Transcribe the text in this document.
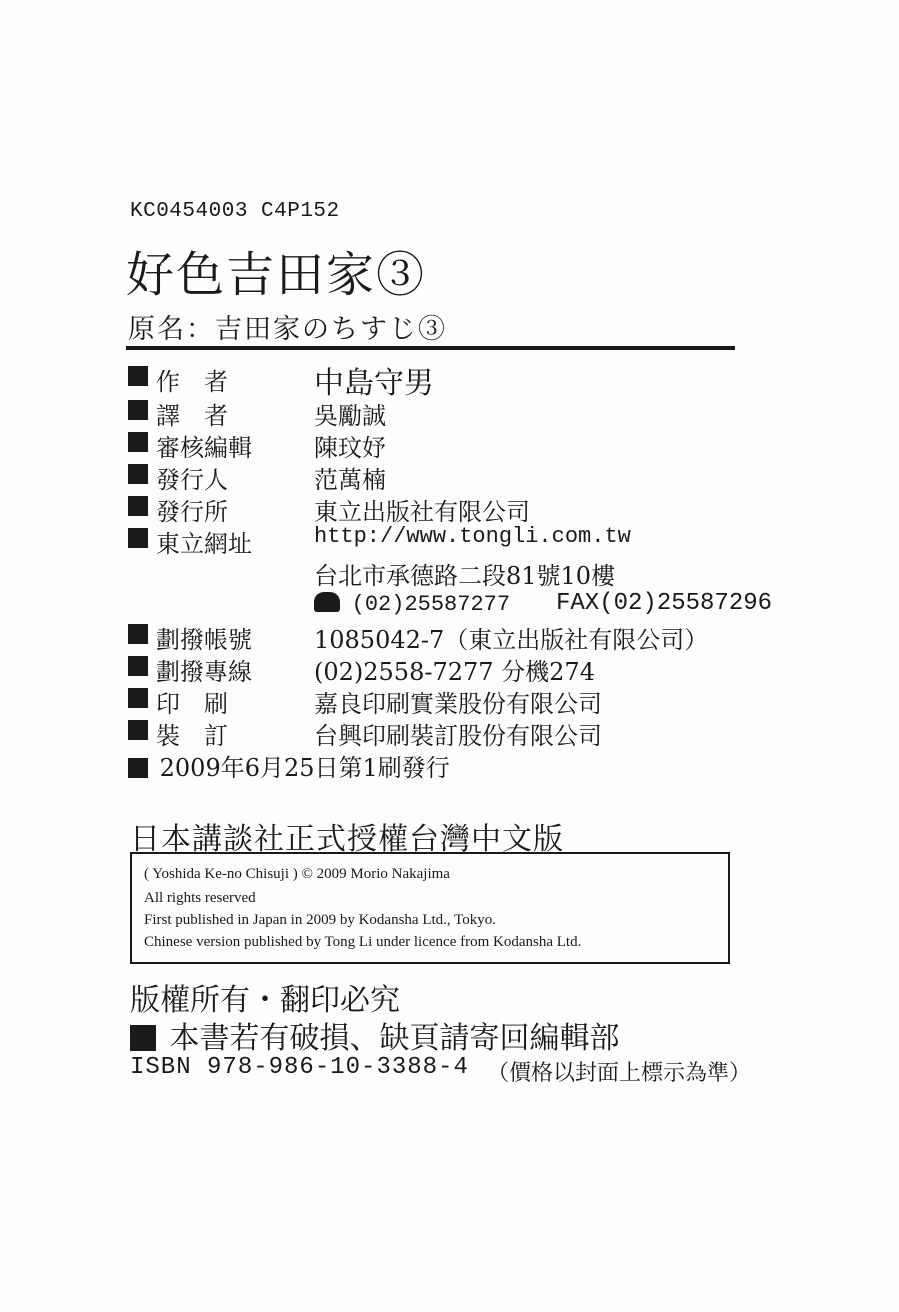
KC0454003 C4P152
好色吉田家③
原名：吉田家のちすじ③
作　者	中島守男
譯　者	吳勵誠
審核編輯	陳玟妤
發行人	范萬楠
發行所	東立出版社有限公司
東立網址	http://www.tongli.com.tw
台北市承德路二段81號10樓
(02)25587277 FAX(02)25587296
劃撥帳號	1085042-7（東立出版社有限公司）
劃撥專線	(02)2558-7277 分機274
印　刷	嘉良印刷實業股份有限公司
裝　訂	台興印刷裝訂股份有限公司
2009年6月25日第1刷發行
日本講談社正式授權台灣中文版
( Yoshida Ke-no Chisuji ) © 2009 Morio Nakajima
All rights reserved
First published in Japan in 2009 by Kodansha Ltd., Tokyo.
Chinese version published by Tong Li under licence from Kodansha Ltd.
版權所有・翻印必究
本書若有破損、缺頁請寄回編輯部
ISBN 978-986-10-3388-4 （價格以封面上標示為準）
